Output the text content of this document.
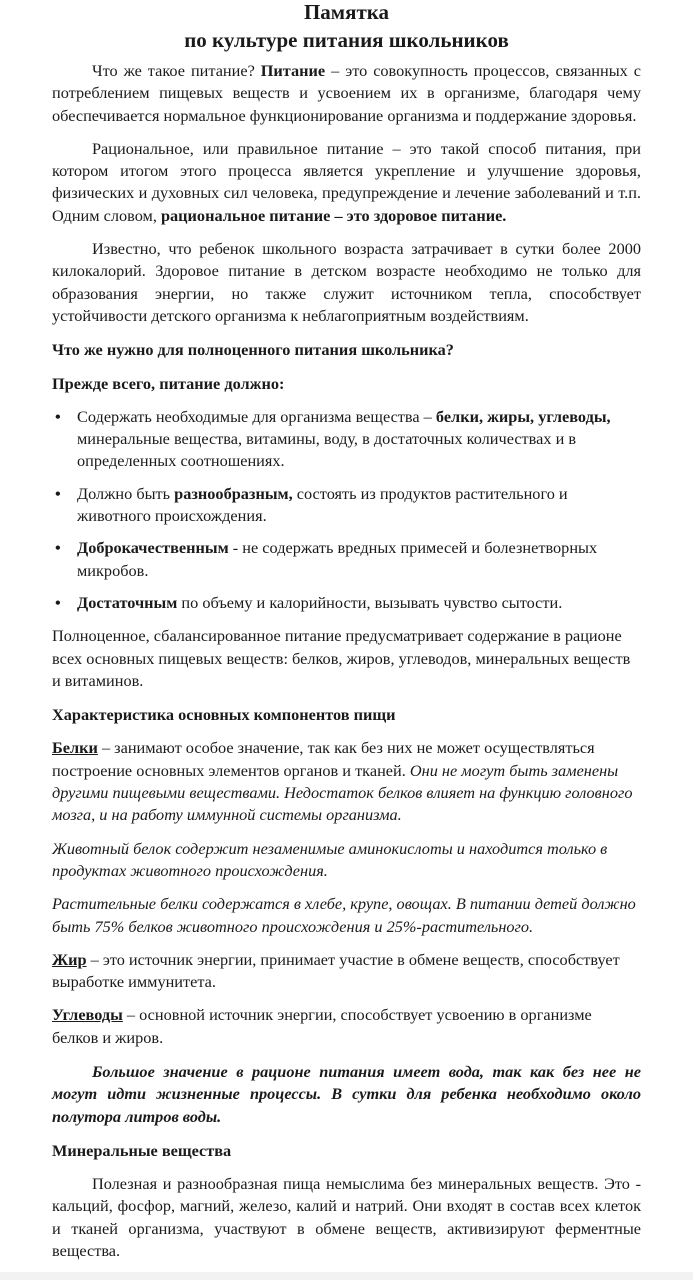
Памятка
по культуре питания школьников

Что же такое питание? Питание – это совокупность процессов, связанных с потреблением пищевых веществ и усвоением их в организме, благодаря чему обеспечивается нормальное функционирование организма и поддержание здоровья.

Рациональное, или правильное питание – это такой способ питания, при котором итогом этого процесса является укрепление и улучшение здоровья, физических и духовных сил человека, предупреждение и лечение заболеваний и т.п. Одним словом, рациональное питание – это здоровое питание.

Известно, что ребенок школьного возраста затрачивает в сутки более 2000 килокалорий. Здоровое питание в детском возрасте необходимо не только для образования энергии, но также служит источником тепла, способствует устойчивости детского организма к неблагоприятным воздействиям.

Что же нужно для полноценного питания школьника?

Прежде всего, питание должно:

• Содержать необходимые для организма вещества – белки, жиры, углеводы, минеральные вещества, витамины, воду, в достаточных количествах и в определенных соотношениях.
• Должно быть разнообразным, состоять из продуктов растительного и животного происхождения.
• Доброкачественным - не содержать вредных примесей и болезнетворных микробов.
• Достаточным по объему и калорийности, вызывать чувство сытости.

Полноценное, сбалансированное питание предусматривает содержание в рационе всех основных пищевых веществ: белков, жиров, углеводов, минеральных веществ и витаминов.

Характеристика основных компонентов пищи

Белки – занимают особое значение, так как без них не может осуществляться построение основных элементов органов и тканей. Они не могут быть заменены другими пищевыми веществами. Недостаток белков влияет на функцию головного мозга, и на работу иммунной системы организма.

Животный белок содержит незаменимые аминокислоты и находится только в продуктах животного происхождения.

Растительные белки содержатся в хлебе, крупе, овощах. В питании детей должно быть 75% белков животного происхождения и 25%-растительного.

Жир – это источник энергии, принимает участие в обмене веществ, способствует выработке иммунитета.

Углеводы – основной источник энергии, способствует усвоению в организме белков и жиров.

Большое значение в рационе питания имеет вода, так как без нее не могут идти жизненные процессы. В сутки для ребенка необходимо около полутора литров воды.

Минеральные вещества

Полезная и разнообразная пища немыслима без минеральных веществ. Это - кальций, фосфор, магний, железо, калий и натрий. Они входят в состав всех клеток и тканей организма, участвуют в обмене веществ, активизируют ферментные вещества.
